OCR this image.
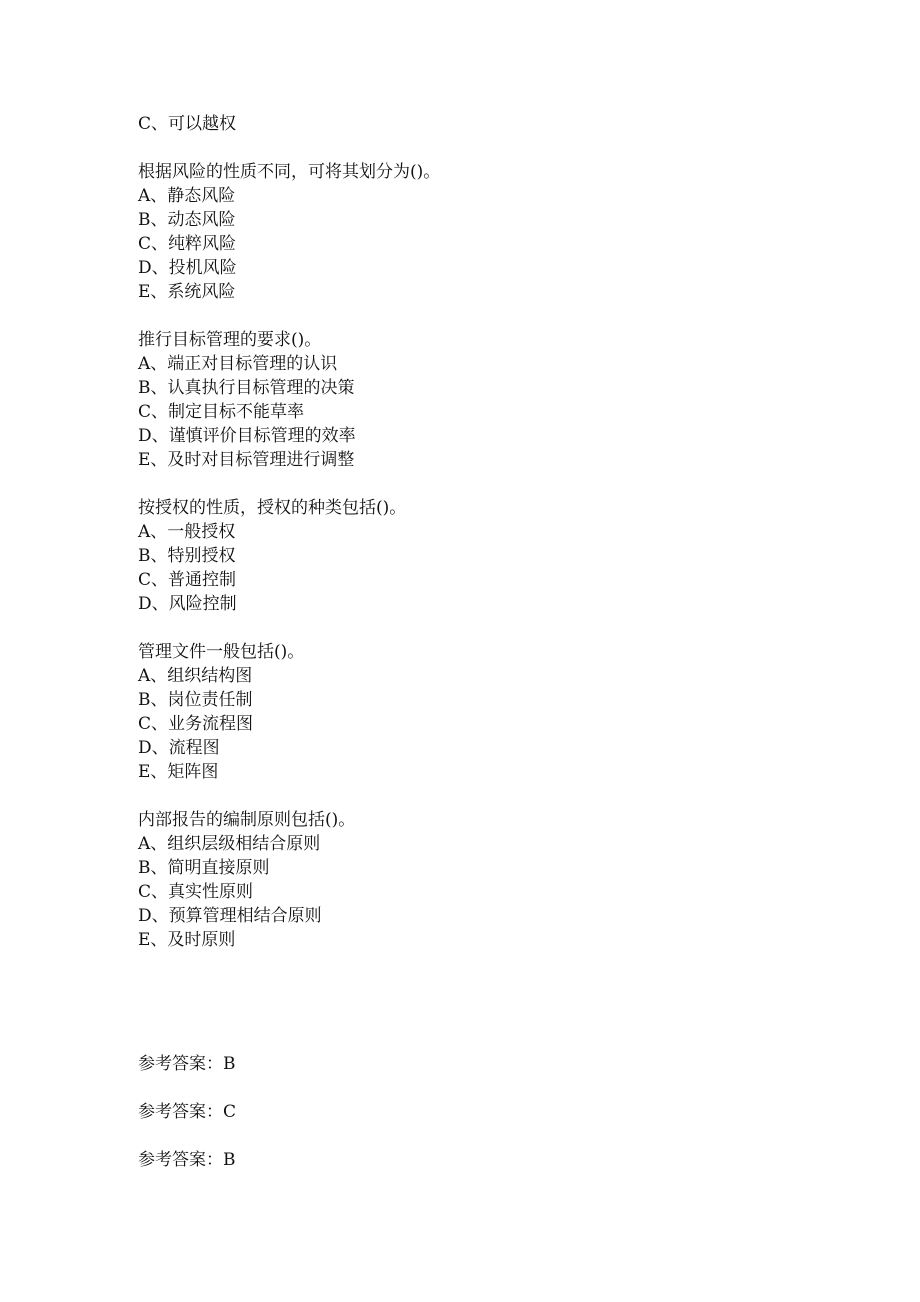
C、可以越权
根据风险的性质不同，可将其划分为()。
A、静态风险
B、动态风险
C、纯粹风险
D、投机风险
E、系统风险
推行目标管理的要求()。
A、端正对目标管理的认识
B、认真执行目标管理的决策
C、制定目标不能草率
D、谨慎评价目标管理的效率
E、及时对目标管理进行调整
按授权的性质，授权的种类包括()。
A、一般授权
B、特别授权
C、普通控制
D、风险控制
管理文件一般包括()。
A、组织结构图
B、岗位责任制
C、业务流程图
D、流程图
E、矩阵图
内部报告的编制原则包括()。
A、组织层级相结合原则
B、简明直接原则
C、真实性原则
D、预算管理相结合原则
E、及时原则
参考答案：B
参考答案：C
参考答案：B
